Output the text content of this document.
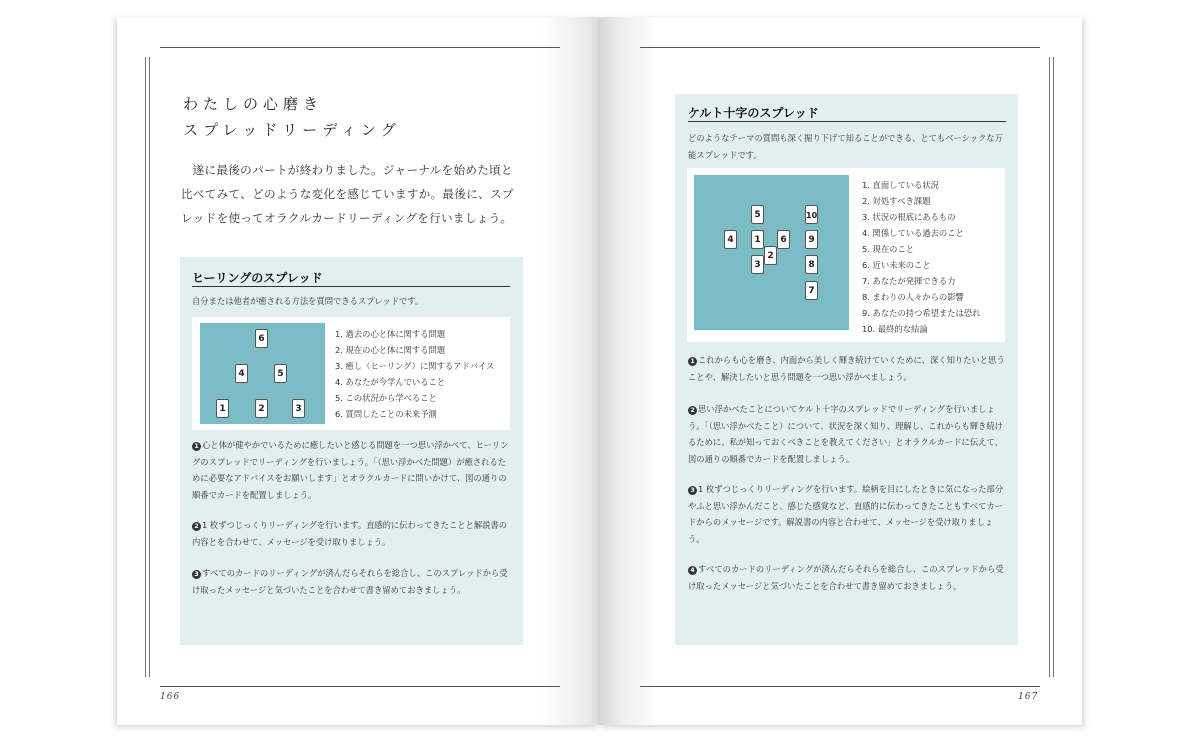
わたしの心磨き
スプレッドリーディング
遂に最後のパートが終わりました。ジャーナルを始めた頃と比べてみて、どのような変化を感じていますか。最後に、スプレッドを使ってオラクルカードリーディングを行いましょう。
ヒーリングのスプレッド
自分または他者が癒される方法を質問できるスプレッドです。
6
4	5
1	2	3
1. 過去の心と体に関する問題
2. 現在の心と体に関する問題
3. 癒し（ヒーリング）に関するアドバイス
4. あなたが今学んでいること
5. この状況から学べること
6. 質問したことの未来予測
1 心と体が健やかでいるために癒したいと感じる問題を一つ思い浮かべて、ヒーリングのスプレッドでリーディングを行いましょう。「（思い浮かべた問題）が癒されるために必要なアドバイスをお願いします」とオラクルカードに問いかけて、図の通りの順番でカードを配置しましょう。
2 1 枚ずつじっくりリーディングを行います。直感的に伝わってきたことと解説書の内容とを合わせて、メッセージを受け取りましょう。
3 すべてのカードのリーディングが済んだらそれらを総合し、このスプレッドから受け取ったメッセージと気づいたことを合わせて書き留めておきましょう。
ケルト十字のスプレッド
どのようなテーマの質問も深く掘り下げて知ることができる、とてもベーシックな万能スプレッドです。
5	10
4	1	6
2
9
3	8
7
1. 直面している状況
2. 対処すべき課題
3. 状況の根底にあるもの
4. 関係している過去のこと
5. 現在のこと
6. 近い未来のこと
7. あなたが発揮できる力
8. まわりの人々からの影響
9. あなたの持つ希望または恐れ
10. 最終的な結論
1 これからも心を磨き、内面から美しく輝き続けていくために、深く知りたいと思うことや、解決したいと思う問題を一つ思い浮かべましょう。
2 思い浮かべたことについてケルト十字のスプレッドでリーディングを行いましょう。「（思い浮かべたこと）について、状況を深く知り、理解し、これからも輝き続けるために、私が知っておくべきことを教えてください」とオラクルカードに伝えて、図の通りの順番でカードを配置しましょう。
3 1 枚ずつじっくりリーディングを行います。絵柄を目にしたときに気になった部分やふと思い浮かんだこと、感じた感覚など、直感的に伝わってきたこともすべてカードからのメッセージです。解説書の内容と合わせて、メッセージを受け取りましょう。
4 すべてのカードのリーディングが済んだらそれらを総合し、このスプレッドから受け取ったメッセージと気づいたことを合わせて書き留めておきましょう。
166	167
